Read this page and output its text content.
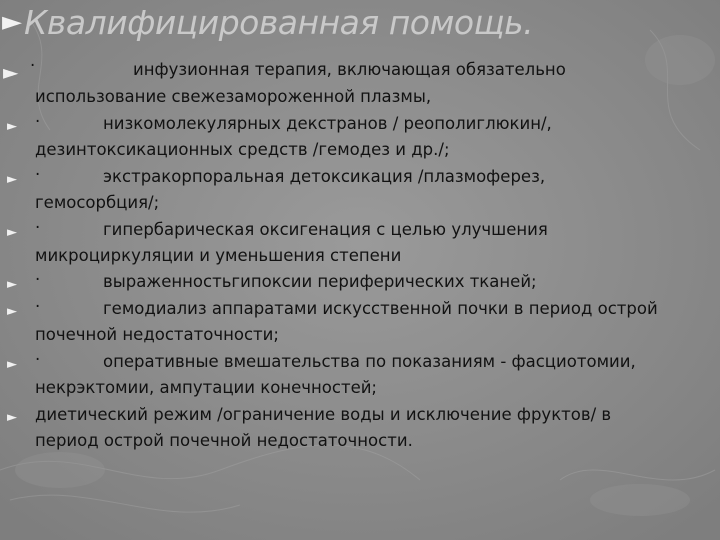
► Квалифицированная помощь.
► ·	инфузионная терапия, включающая обязательно
использование свежезамороженной плазмы,
► ·	низкомолекулярных декстранов / реополиглюкин/,
дезинтоксикационных средств /гемодез и др./;
► ·	экстракорпоральная детоксикация /плазмоферез,
гемосорбция/;
► ·	гипербарическая оксигенация с целью улучшения
микроциркуляции и уменьшения степени
► ·	выраженностьгипоксии периферических тканей;
► ·	гемодиализ аппаратами искусственной почки в период острой
почечной недостаточности;
► ·	оперативные вмешательства по показаниям - фасциотомии,
некрэктомии, ампутации конечностей;
► диетический режим /ограничение воды и исключение фруктов/ в
период острой почечной недостаточности.
